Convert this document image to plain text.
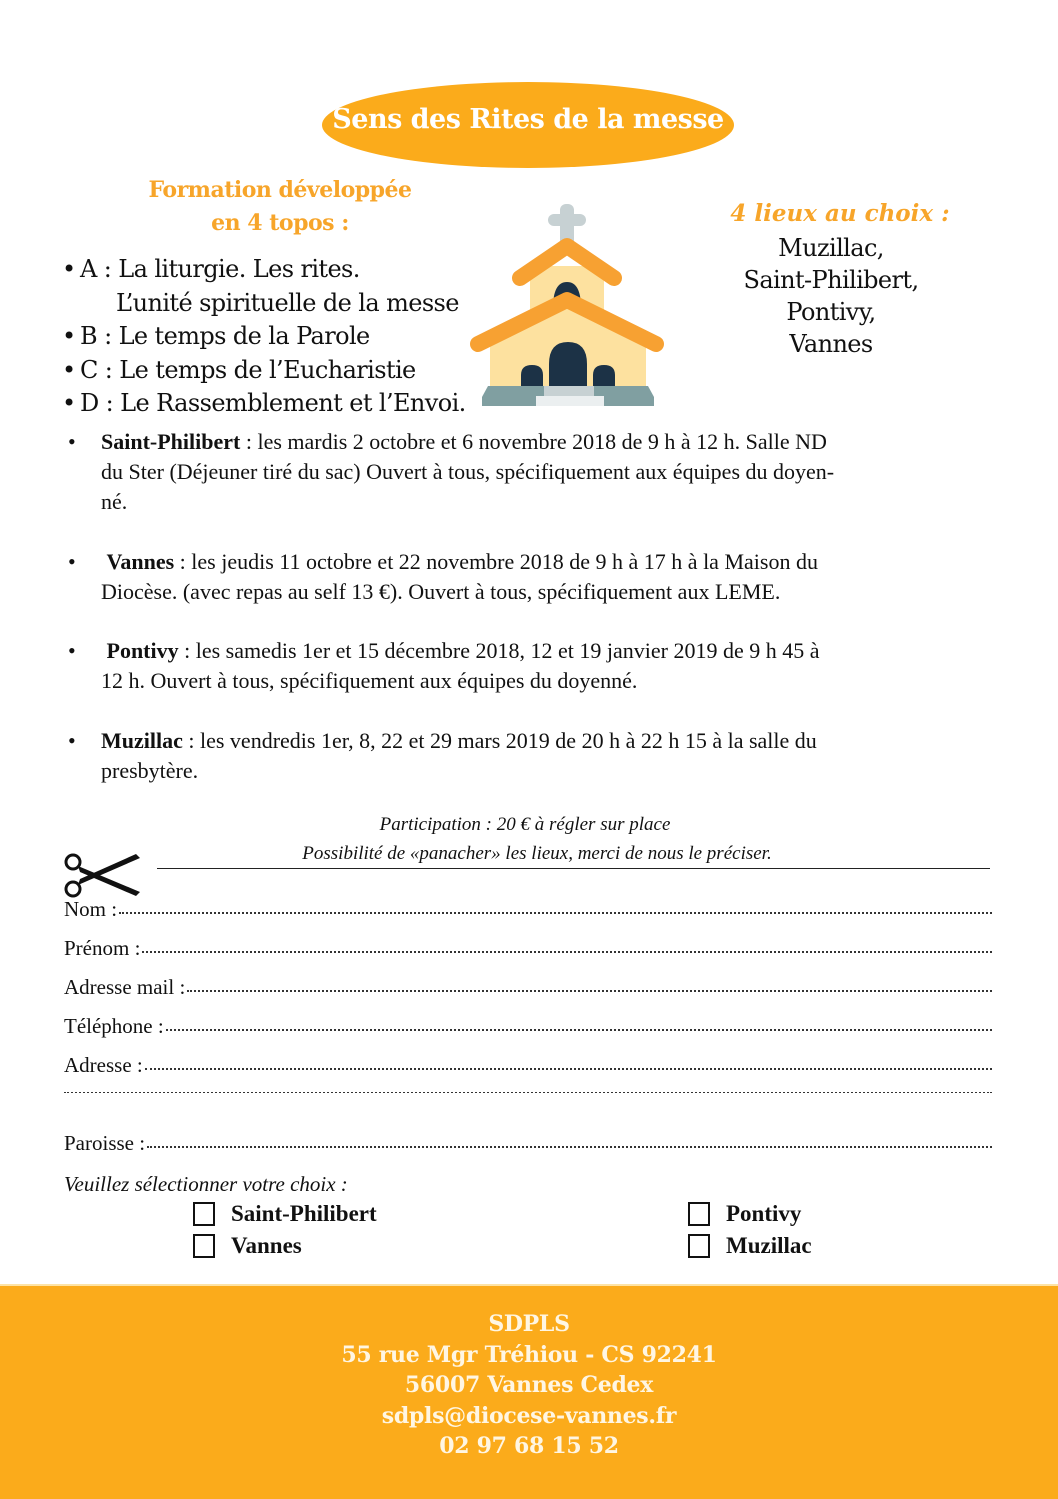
Sens des Rites de la messe
Formation développée
en 4 topos :
• A : La liturgie. Les rites.
L’unité spirituelle de la messe
• B : Le temps de la Parole
• C : Le temps de l’Eucharistie
• D : Le Rassemblement et l’Envoi.
4 lieux au choix :
Muzillac,
Saint-Philibert,
Pontivy,
Vannes
• Saint-Philibert : les mardis 2 octobre et 6 novembre 2018 de 9 h à 12 h. Salle ND
du Ster (Déjeuner tiré du sac) Ouvert à tous, spécifiquement aux équipes du doyen-
né.
• Vannes : les jeudis 11 octobre et 22 novembre 2018 de 9 h à 17 h à la Maison du
Diocèse. (avec repas au self 13 €). Ouvert à tous, spécifiquement aux LEME.
• Pontivy : les samedis 1er et 15 décembre 2018, 12 et 19 janvier 2019 de 9 h 45 à
12 h. Ouvert à tous, spécifiquement aux équipes du doyenné.
• Muzillac : les vendredis 1er, 8, 22 et 29 mars 2019 de 20 h à 22 h 15 à la salle du
presbytère.
Participation : 20 € à régler sur place
Possibilité de «panacher» les lieux, merci de nous le préciser.
Nom :
Prénom :
Adresse mail :
Téléphone :
Adresse :

Paroisse :
Veuillez sélectionner votre choix :
Saint-Philibert	Pontivy
Vannes	Muzillac
SDPLS
55 rue Mgr Tréhiou - CS 92241
56007 Vannes Cedex
sdpls@diocese-vannes.fr
02 97 68 15 52
